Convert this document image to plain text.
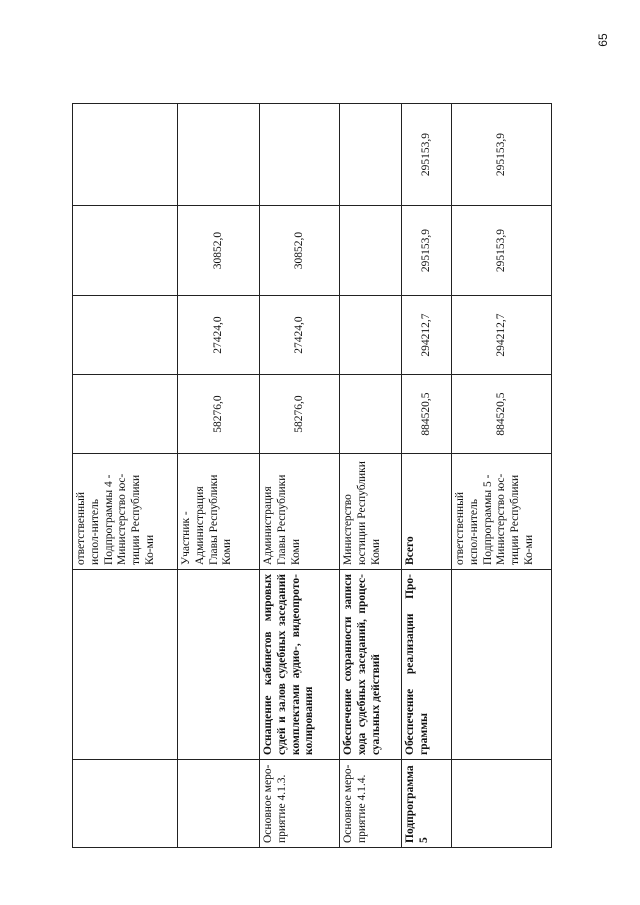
65
		ответственный испол-нитель Подпрограммы 4 - Министерство юс-тиции Республики Ко-ми				
		Участник - Администрация Главы Республики Коми	58276,0	27424,0	30852,0	
Основное меро-приятие 4.1.3.	Оснащение кабинетов мировых судей и залов судебных заседаний комплектами аудио-, видеопрото-колирования	Администрация Главы Республики Коми	58276,0	27424,0	30852,0	
Основное меро-приятие 4.1.4.	Обеспечение сохранности записи хода судебных заседаний, процес-суальных действий	Министерство юстиции Республики Коми				
Подпрограмма 5	Обеспечение реализации Про-граммы	Всего	884520,5	294212,7	295153,9	295153,9
		ответственный испол-нитель Подпрограммы 5 - Министерство юс-тиции Республики Ко-ми	884520,5	294212,7	295153,9	295153,9
